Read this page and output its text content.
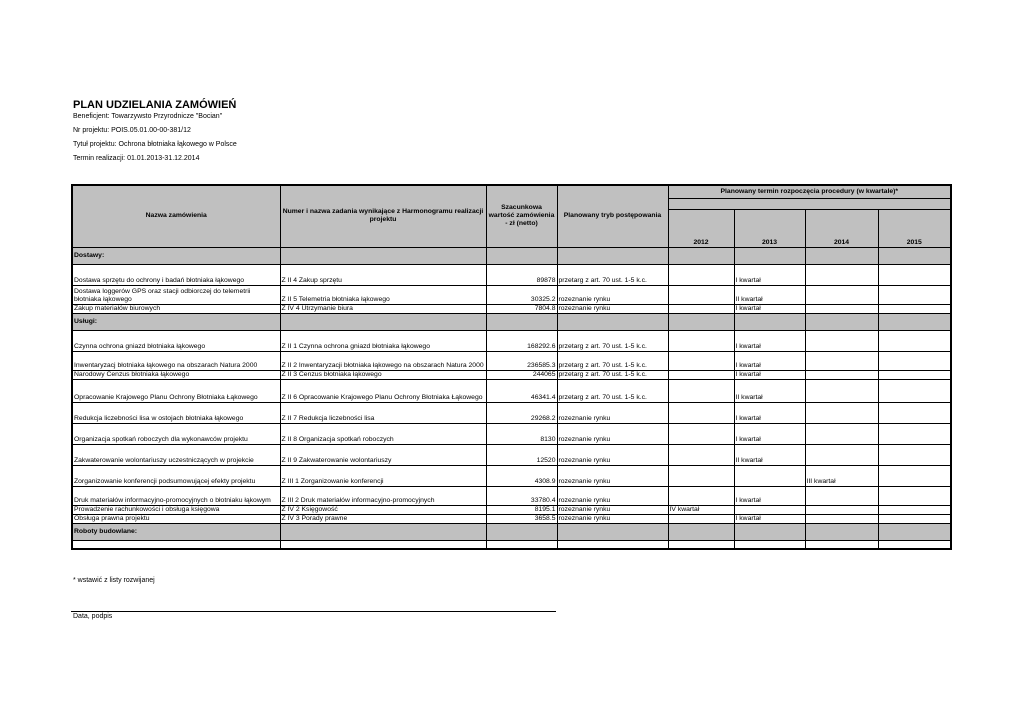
PLAN UDZIELANIA ZAMÓWIEŃ
Beneficjent: Towarzywsto Przyrodnicze "Bocian"
Nr projektu: POIS.05.01.00-00-381/12
Tytuł projektu: Ochrona błotniaka łąkowego w Polsce
Termin realizacji: 01.01.2013-31.12.2014
Nazwa zamówienia	Numer i nazwa zadania wynikające z Harmonogramu realizacji projektu	Szacunkowa wartość zamówienia - zł (netto)	Planowany tryb postępowania	Planowany termin rozpoczęcia procedury (w kwartale)*			

				2012	2013	2014	2015
Dostawy:							
Dostawa sprzętu do ochrony i badań błotniaka łąkowego	Z II 4 Zakup sprzętu	89878	przetarg z art. 70 ust. 1-5 k.c.		I kwartał		
Dostawa loggerów GPS oraz stacji odbiorczej do telemetrii błotniaka łąkowego	Z II 5 Telemetria błotniaka łąkowego	30325.2	rozeznanie rynku		II kwartał		
Zakup materiałów biurowych	Z IV 4 Utrzymanie biura	7804.8	rozeznanie rynku		I kwartał		
Usługi:							
Czynna ochrona gniazd błotniaka łąkowego	Z II 1 Czynna ochrona gniazd błotniaka łąkowego	168292.6	przetarg z art. 70 ust. 1-5 k.c.		I kwartał		
Inwentaryzacj błotniaka łąkowego na obszarach Natura 2000	Z II 2 Inwentaryzacji błotniaka łąkowego na obszarach Natura 2000	236585.3	przetarg z art. 70 ust. 1-5 k.c.		I kwartał		
Narodowy Cenzus błotniaka łąkowego	Z II 3 Cenzus błotniaka łąkowego	244065	przetarg z art. 70 ust. 1-5 k.c.		I kwartał		
Opracowanie Krajowego Planu Ochrony Błotniaka Łąkowego	Z II 6 Opracowanie Krajowego Planu Ochrony Błotniaka Łąkowego	46341.4	przetarg z art. 70 ust. 1-5 k.c.		II kwartał		
Redukcja liczebności lisa w ostojach błotniaka łąkowego	Z II 7 Redukcja liczebności lisa	29268.2	rozeznanie rynku		I kwartał		
Organizacja spotkań roboczych dla wykonawców projektu	Z II 8 Organizacja spotkań roboczych	8130	rozeznanie rynku		I kwartał		
Zakwaterowanie wolontariuszy uczestniczących w projekcie	Z II 9 Zakwaterowanie wolontariuszy	12520	rozeznanie rynku		II kwartał		
Zorganizowanie konferencji podsumowującej efekty projektu	Z III 1 Zorganizowanie konferencji	4308.9	rozeznanie rynku			III kwartał	
Druk materiałów informacyjno-promocyjnych o błotniaku łąkowym	Z III 2 Druk materiałów informacyjno-promocyjnych	33780.4	rozeznanie rynku		I kwartał		
Prowadzenie rachunkowości i obsługa księgowa	Z IV 2 Księgowość	8195.1	rozeznanie rynku	IV kwartał			
Obsługa prawna projektu	Z IV 3 Porady prawne	3658.5	rozeznanie rynku		I kwartał		
Roboty budowlane:							

* wstawić z listy rozwijanej
Data, podpis
